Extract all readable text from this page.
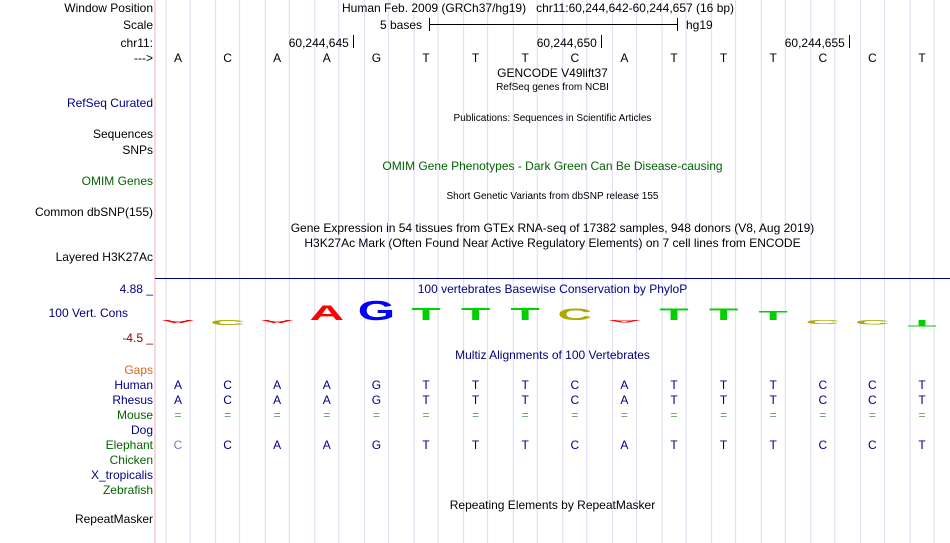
Window Position	Human Feb. 2009 (GRCh37/hg19)   chr11:60,244,642-60,244,657 (16 bp)
Scale	5 bases	hg19
chr11:	60,244,645	60,244,650	60,244,655
--->	A	C	A	A	G	T	T	T	C	A	T	T	T	C	C	T
GENCODE V49lift37
RefSeq genes from NCBI
RefSeq Curated
Publications: Sequences in Scientific Articles
Sequences
SNPs
OMIM Gene Phenotypes - Dark Green Can Be Disease-causing
OMIM Genes
Short Genetic Variants from dbSNP release 155
Common dbSNP(155)
Gene Expression in 54 tissues from GTEx RNA-seq of 17382 samples, 948 donors (V8, Aug 2019)
H3K27Ac Mark (Often Found Near Active Regulatory Elements) on 7 cell lines from ENCODE
Layered H3K27Ac
100 vertebrates Basewise Conservation by PhyloP
4.88 _
100 Vert. Cons
-4.5 _
A C A A G T T T C A T T T C C T
Multiz Alignments of 100 Vertebrates
Gaps
Human	A	C	A	A	G	T	T	T	C	A	T	T	T	C	C	T
Rhesus	A	C	A	A	G	T	T	T	C	A	T	T	T	C	C	T
Mouse	=	=	=	=	=	=	=	=	=	=	=	=	=	=	=	=
Dog
Elephant	C	C	A	A	G	T	T	T	C	A	T	T	T	C	C	T
Chicken
X_tropicalis
Zebrafish
Repeating Elements by RepeatMasker
RepeatMasker
